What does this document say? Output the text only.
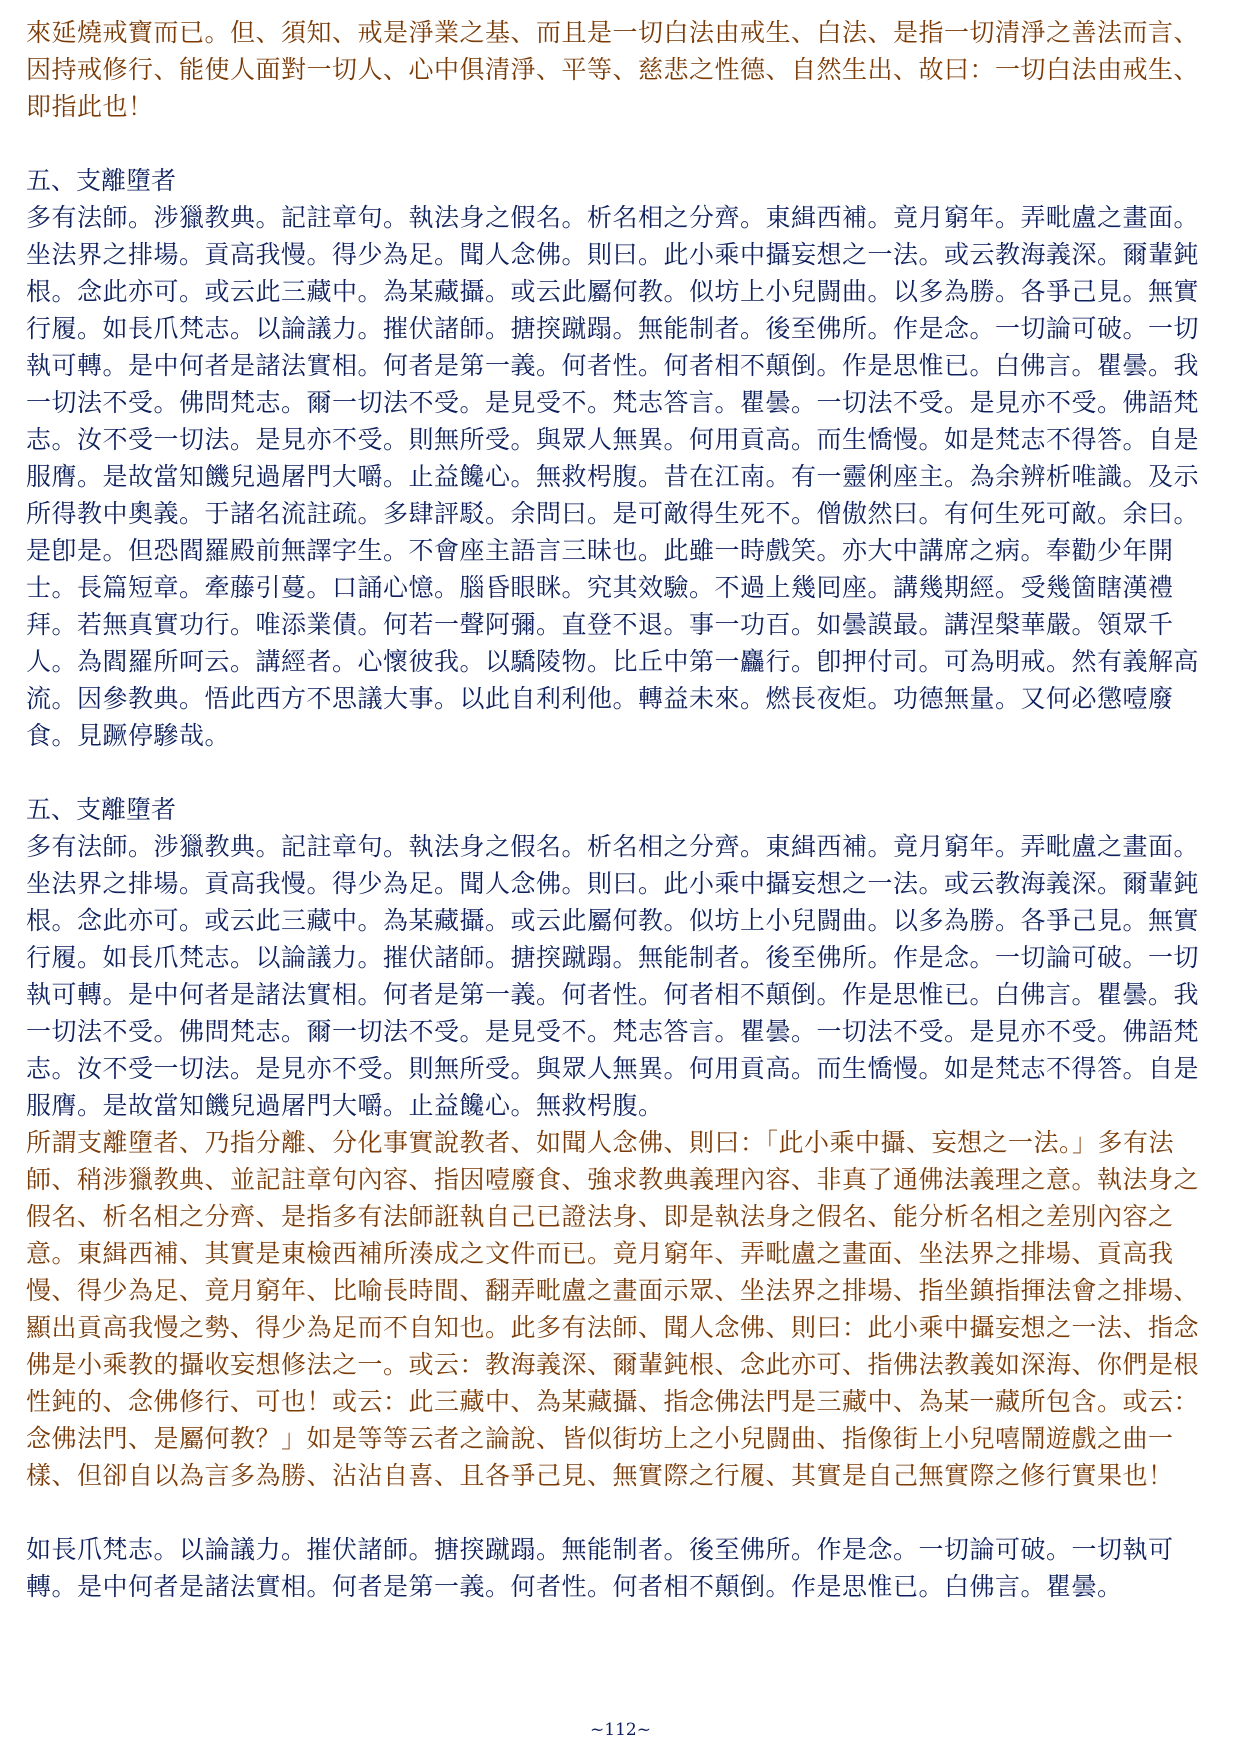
來延燒戒寶而已。但、須知、戒是淨業之基、而且是一切白法由戒生、白法、是指一切清淨之善法而言、因持戒修行、能使人面對一切人、心中俱清淨、平等、慈悲之性德、自然生出、故曰：一切白法由戒生、即指此也！

五、支離墮者

多有法師。涉獵教典。記註章句。執法身之假名。析名相之分齊。東緝西補。竟月窮年。弄毗盧之畫面。坐法界之排場。貢高我慢。得少為足。聞人念佛。則曰。此小乘中攝妄想之一法。或云教海義深。爾輩鈍根。念此亦可。或云此三藏中。為某藏攝。或云此屬何教。似坊上小兒闘曲。以多為勝。各爭己見。無實行履。如長爪梵志。以論議力。摧伏諸師。搪揬蹴蹋。無能制者。後至佛所。作是念。一切論可破。一切執可轉。是中何者是諸法實相。何者是第一義。何者性。何者相不顛倒。作是思惟已。白佛言。瞿曇。我一切法不受。佛問梵志。爾一切法不受。是見受不。梵志答言。瞿曇。一切法不受。是見亦不受。佛語梵志。汝不受一切法。是見亦不受。則無所受。與眾人無異。何用貢高。而生憍慢。如是梵志不得答。自是服膺。是故當知饑兒過屠門大嚼。止益饞心。無救枵腹。昔在江南。有一靈俐座主。為余辨析唯識。及示所得教中奧義。于諸名流註疏。多肆評駁。余問曰。是可敵得生死不。僧傲然曰。有何生死可敵。余曰。是卽是。但恐閻羅殿前無譯字生。不會座主語言三昧也。此雖一時戲笑。亦大中講席之病。奉勸少年開士。長篇短章。牽藤引蔓。口誦心憶。腦昏眼眯。究其效驗。不過上幾囘座。講幾期經。受幾箇瞎漢禮拜。若無真實功行。唯添業債。何若一聲阿彌。直登不退。事一功百。如曇謨最。講涅槃華嚴。領眾千人。為閻羅所呵云。講經者。心懷彼我。以驕陵物。比丘中第一麤行。卽押付司。可為明戒。然有義解高流。因參教典。悟此西方不思議大事。以此自利利他。轉益未來。燃長夜炬。功德無量。又何必懲噎廢食。見蹶停驂哉。

五、支離墮者

多有法師。涉獵教典。記註章句。執法身之假名。析名相之分齊。東緝西補。竟月窮年。弄毗盧之畫面。坐法界之排場。貢高我慢。得少為足。聞人念佛。則曰。此小乘中攝妄想之一法。或云教海義深。爾輩鈍根。念此亦可。或云此三藏中。為某藏攝。或云此屬何教。似坊上小兒闘曲。以多為勝。各爭己見。無實行履。如長爪梵志。以論議力。摧伏諸師。搪揬蹴蹋。無能制者。後至佛所。作是念。一切論可破。一切執可轉。是中何者是諸法實相。何者是第一義。何者性。何者相不顛倒。作是思惟已。白佛言。瞿曇。我一切法不受。佛問梵志。爾一切法不受。是見受不。梵志答言。瞿曇。一切法不受。是見亦不受。佛語梵志。汝不受一切法。是見亦不受。則無所受。與眾人無異。何用貢高。而生憍慢。如是梵志不得答。自是服膺。是故當知饑兒過屠門大嚼。止益饞心。無救枵腹。

所謂支離墮者、乃指分離、分化事實說教者、如聞人念佛、則曰：「此小乘中攝、妄想之一法。」多有法師、稍涉獵教典、並記註章句內容、指因噎廢食、強求教典義理內容、非真了通佛法義理之意。執法身之假名、析名相之分齊、是指多有法師誑執自己已證法身、即是執法身之假名、能分析名相之差別內容之意。東緝西補、其實是東檢西補所湊成之文件而已。竟月窮年、弄毗盧之畫面、坐法界之排場、貢高我慢、得少為足、竟月窮年、比喻長時間、翻弄毗盧之畫面示眾、坐法界之排場、指坐鎮指揮法會之排場、顯出貢高我慢之勢、得少為足而不自知也。此多有法師、聞人念佛、則曰：此小乘中攝妄想之一法、指念佛是小乘教的攝收妄想修法之一。或云：教海義深、爾輩鈍根、念此亦可、指佛法教義如深海、你們是根性鈍的、念佛修行、可也！或云：此三藏中、為某藏攝、指念佛法門是三藏中、為某一藏所包含。或云：念佛法門、是屬何教？」如是等等云者之論說、皆似街坊上之小兒闘曲、指像街上小兒嘻鬧遊戲之曲一樣、但卻自以為言多為勝、沾沾自喜、且各爭己見、無實際之行履、其實是自己無實際之修行實果也！

如長爪梵志。以論議力。摧伏諸師。搪揬蹴蹋。無能制者。後至佛所。作是念。一切論可破。一切執可轉。是中何者是諸法實相。何者是第一義。何者性。何者相不顛倒。作是思惟已。白佛言。瞿曇。

~112~
